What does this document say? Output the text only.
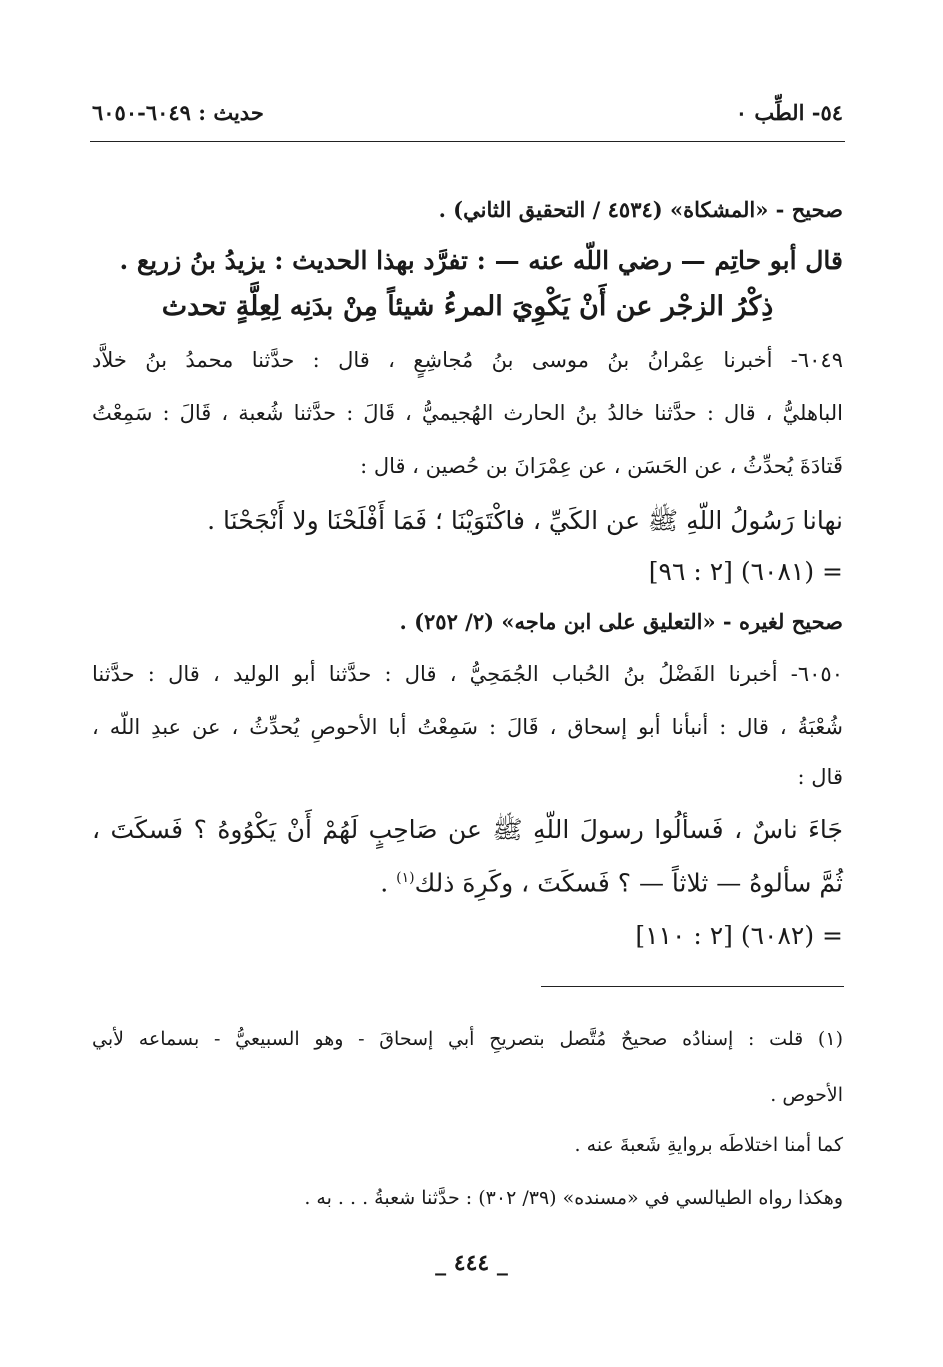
٥٤- الطِّب ٠
حديث : ٦٠٤٩-٦٠٥٠
صحيح - «المشكاة» (٤٥٣٤ / التحقيق الثاني) .
قال أبو حاتِم — رضي اللّه عنه — : تفرَّد بهذا الحديث : يزيدُ بنُ زريع .
ذِكْرُ الزجْر عن أَنْ يَكْوِيَ المرءُ شيئاً مِنْ بدَنِه لِعِلَّةٍ تحدث
٦٠٤٩- أخبرنا عِمْرانُ بنُ موسى بنُ مُجاشِعٍ ، قال : حدَّثنا محمدُ بنُ خلاَّد
الباهليُّ ، قال : حدَّثنا خالدُ بنُ الحارث الهُجيميُّ ، قَالَ : حدَّثنا شُعبة ، قَالَ : سَمِعْتُ
قَتادَةَ يُحدِّثُ ، عن الحَسَن ، عن عِمْرَانَ بن حُصين ، قال :
نهانا رَسُولُ اللّهِ ﷺ عن الكَيِّ ، فاكْتَوَيْنَا ؛ فَمَا أَفْلَحْنَا ولا أَنْجَحْنَا .
= (٦٠٨١) [٢ : ٩٦]
صحيح لغيره - «التعليق على ابن ماجه» (٢/ ٢٥٢) .
٦٠٥٠- أخبرنا الفَضْلُ بنُ الحُباب الجُمَحِيُّ ، قال : حدَّثنا أبو الوليد ، قال : حدَّثنا
شُعْبَةُ ، قال : أنبأنا أبو إسحاق ، قَالَ : سَمِعْتُ أبا الأحوصِ يُحدِّثُ ، عن عبدِ اللّه ،
قال :
جَاءَ ناسٌ ، فَسألُوا رسولَ اللّهِ ﷺ عن صَاحِبٍ لَهُمْ أَنْ يَكْوُوهُ ؟ فَسكَتَ ،
ثُمَّ سألوهُ — ثلاثاً — ؟ فَسكَتَ ، وكَرِهَ ذلك$^{(١)}$ .
= (٦٠٨٢) [٢ : ١١٠]
(١) قلت : إسنادُه صحيحٌ مُتَّصل بتصريحِ أبي إسحاقَ - وهو السبيعيُّ - بسماعه لأبي
الأحوص .
كما أمنا اختلاطَه بروايةِ شَعبةَ عنه .
وهكذا رواه الطيالسي في «مسنده» (٣٩/ ٣٠٢) : حدَّثنا شعبةُ . . . به .
_ ٤٤٤ _
